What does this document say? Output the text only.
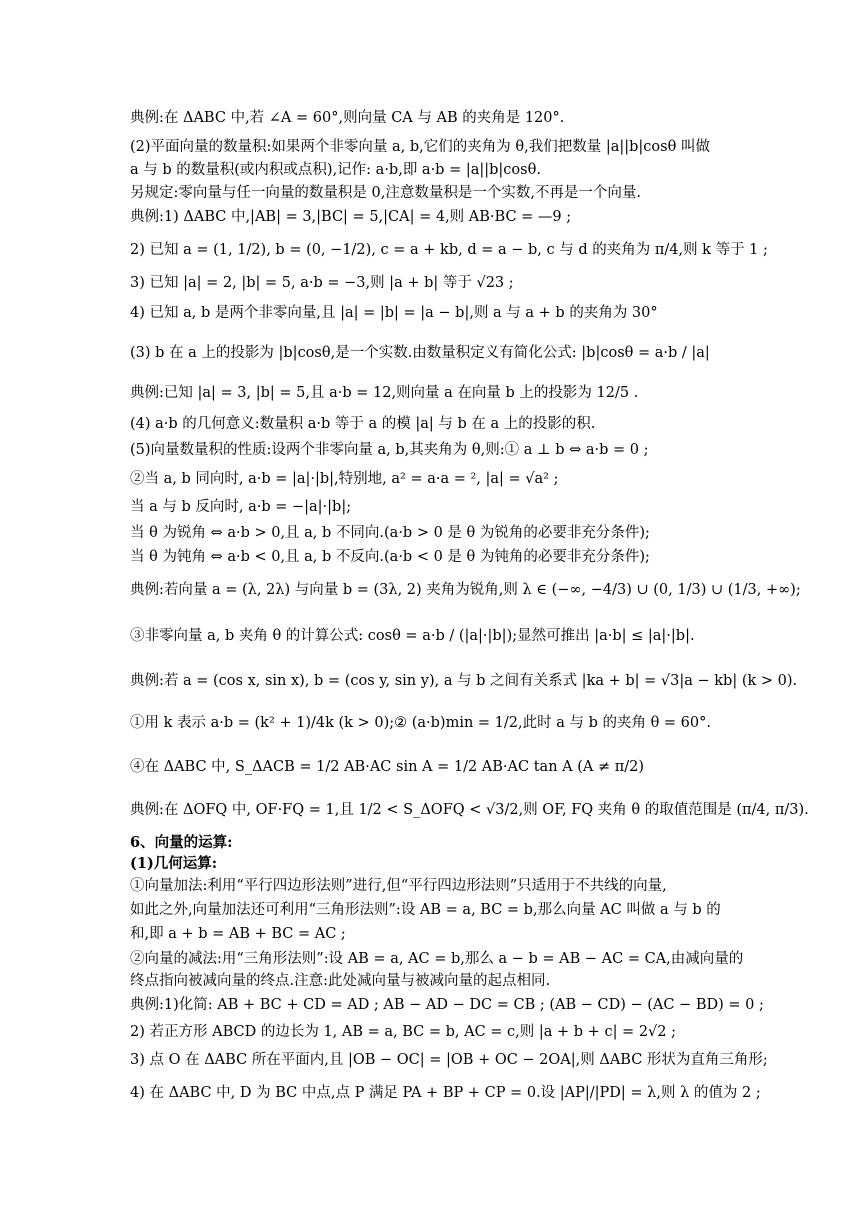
典例:在 ΔABC 中,若 ∠A = 60°,则向量 CA 与 AB 的夹角是 120°.
(2)平面向量的数量积:如果两个非零向量 a, b,它们的夹角为 θ,我们把数量 |a||b|cosθ 叫做
a 与 b 的数量积(或内积或点积),记作: a·b,即 a·b = |a||b|cosθ.
另规定:零向量与任一向量的数量积是 0,注意数量积是一个实数,不再是一个向量.
典例:1) ΔABC 中,|AB| = 3,|BC| = 5,|CA| = 4,则 AB·BC = —9 ;
2) 已知 a = (1, 1/2), b = (0, −1/2), c = a + kb, d = a − b, c 与 d 的夹角为 π/4,则 k 等于 1 ;
3) 已知 |a| = 2, |b| = 5, a·b = −3,则 |a + b| 等于 √23 ;
4) 已知 a, b 是两个非零向量,且 |a| = |b| = |a − b|,则 a 与 a + b 的夹角为 30°
(3) b 在 a 上的投影为 |b|cosθ,是一个实数.由数量积定义有简化公式: |b|cosθ = a·b / |a|
典例:已知 |a| = 3, |b| = 5,且 a·b = 12,则向量 a 在向量 b 上的投影为 12/5 .
(4) a·b 的几何意义:数量积 a·b 等于 a 的模 |a| 与 b 在 a 上的投影的积.
(5)向量数量积的性质:设两个非零向量 a, b,其夹角为 θ,则:① a ⊥ b ⇔ a·b = 0 ;
②当 a, b 同向时, a·b = |a|·|b|,特别地, a² = a·a = ², |a| = √a² ;
当 a 与 b 反向时, a·b = −|a|·|b|;
当 θ 为锐角 ⇔ a·b > 0,且 a, b 不同向.(a·b > 0 是 θ 为锐角的必要非充分条件);
当 θ 为钝角 ⇔ a·b < 0,且 a, b 不反向.(a·b < 0 是 θ 为钝角的必要非充分条件);
典例:若向量 a = (λ, 2λ) 与向量 b = (3λ, 2) 夹角为锐角,则 λ ∈ (−∞, −4/3) ∪ (0, 1/3) ∪ (1/3, +∞);
③非零向量 a, b 夹角 θ 的计算公式: cosθ = a·b / (|a|·|b|);显然可推出 |a·b| ≤ |a|·|b|.
典例:若 a = (cos x, sin x), b = (cos y, sin y), a 与 b 之间有关系式 |ka + b| = √3|a − kb| (k > 0).
①用 k 表示 a·b = (k² + 1)/4k (k > 0);② (a·b)min = 1/2,此时 a 与 b 的夹角 θ = 60°.
④在 ΔABC 中, S_ΔACB = 1/2 AB·AC sin A = 1/2 AB·AC tan A (A ≠ π/2)
典例:在 ΔOFQ 中, OF·FQ = 1,且 1/2 < S_ΔOFQ < √3/2,则 OF, FQ 夹角 θ 的取值范围是 (π/4, π/3).
6、向量的运算:
(1)几何运算:
①向量加法:利用“平行四边形法则”进行,但“平行四边形法则”只适用于不共线的向量,
如此之外,向量加法还可利用“三角形法则”:设 AB = a, BC = b,那么向量 AC 叫做 a 与 b 的
和,即 a + b = AB + BC = AC ;
②向量的减法:用“三角形法则”:设 AB = a, AC = b,那么 a − b = AB − AC = CA,由减向量的
终点指向被减向量的终点.注意:此处减向量与被减向量的起点相同.
典例:1)化简: AB + BC + CD = AD ; AB − AD − DC = CB ; (AB − CD) − (AC − BD) = 0 ;
2) 若正方形 ABCD 的边长为 1, AB = a, BC = b, AC = c,则 |a + b + c| = 2√2 ;
3) 点 O 在 ΔABC 所在平面内,且 |OB − OC| = |OB + OC − 2OA|,则 ΔABC 形状为直角三角形;
4) 在 ΔABC 中, D 为 BC 中点,点 P 满足 PA + BP + CP = 0.设 |AP|/|PD| = λ,则 λ 的值为 2 ;
